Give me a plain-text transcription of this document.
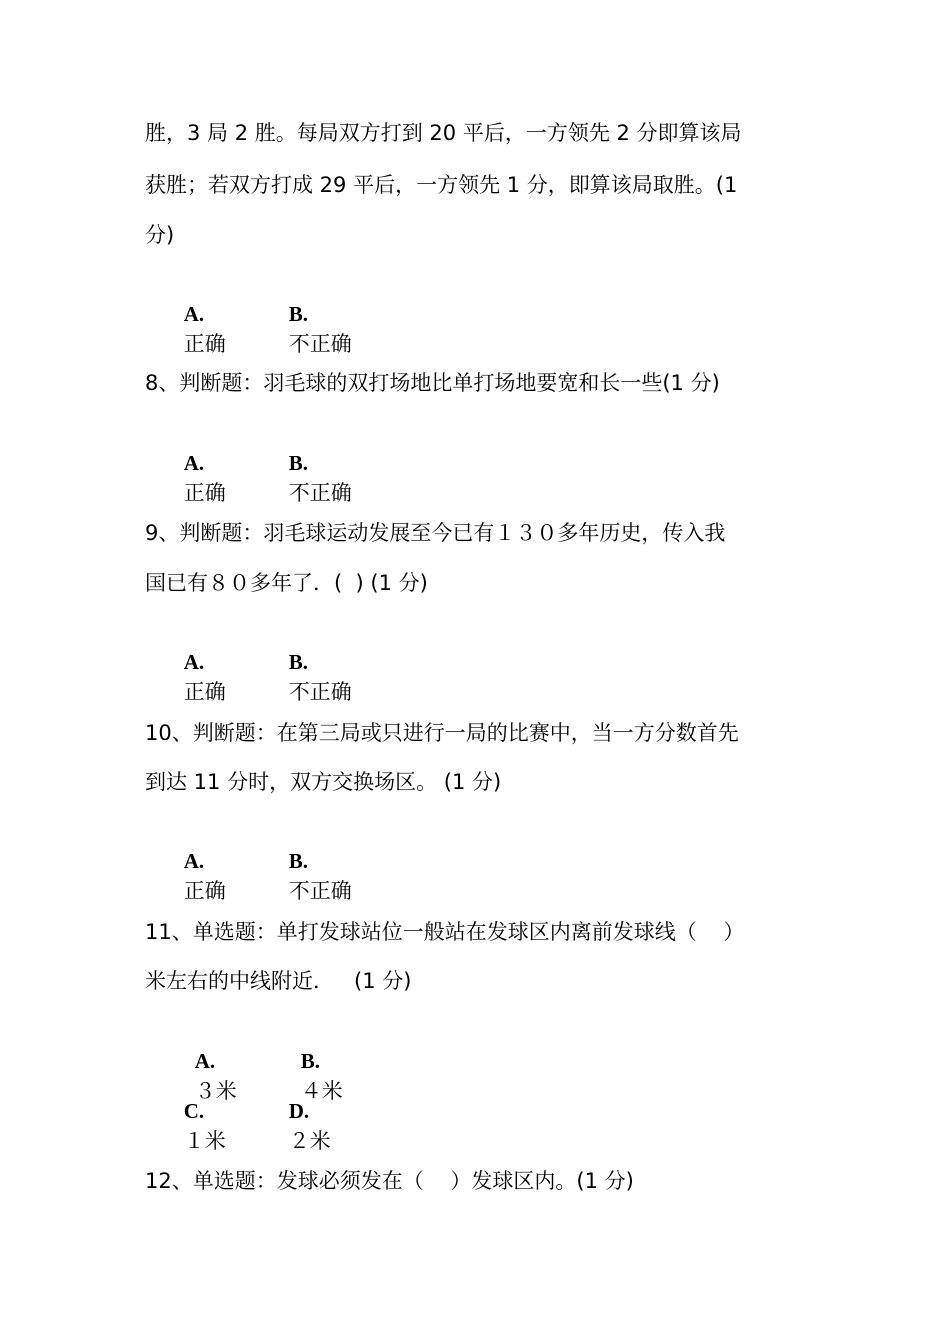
胜，3 局 2 胜。每局双方打到 20 平后，一方领先 2 分即算该局
获胜；若双方打成 29 平后，一方领先 1 分，即算该局取胜。(1
分)

A.
正确

B.
不正确

8、判断题：羽毛球的双打场地比单打场地要宽和长一些(1 分)

A.
正确

B.
不正确

9、判断题：羽毛球运动发展至今已有１３０多年历史，传入我
国已有８０多年了．(  ) (1 分)

A.
正确

B.
不正确

10、判断题：在第三局或只进行一局的比赛中，当一方分数首先
到达 11 分时，双方交换场区。 (1 分)

A.
正确

B.
不正确

11、单选题：单打发球站位一般站在发球区内离前发球线（    ）
米左右的中线附近．   (1 分)

A.
３米

B.
４米

C.
１米

D.
２米

12、单选题：发球必须发在（    ）发球区内。(1 分)
